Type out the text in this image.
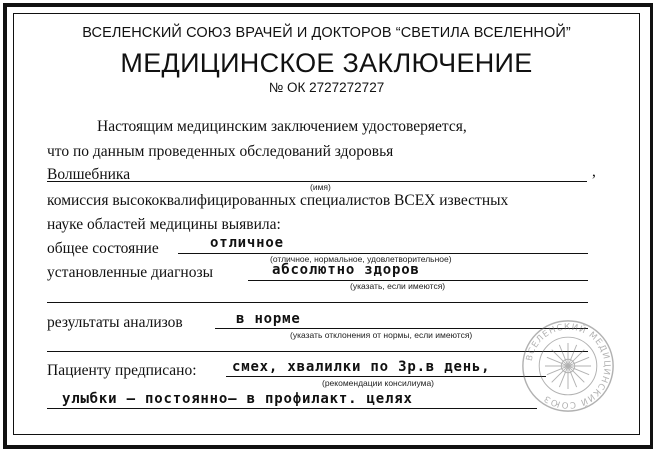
ВСЕЛЕНСКИЙ СОЮЗ ВРАЧЕЙ И ДОКТОРОВ “СВЕТИЛА ВСЕЛЕННОЙ”
МЕДИЦИНСКОЕ ЗАКЛЮЧЕНИЕ
№ ОК 2727272727
Настоящим медицинским заключением удостоверяется,
что по данным проведенных обследований здоровья
Волшебника	,
(имя)
комиссия высококвалифицированных специалистов ВСЕХ известных
науке областей медицины выявила:
общее состояние	отличное
(отличное, нормальное, удовлетворительное)
установленные диагнозы	абсолютно здоров
(указать, если имеются)
результаты анализов	в норме
(указать отклонения от нормы, если имеются)
Пациенту предписано:	смех, хвалилки по 3р.в день,
(рекомендации консилиума)
улыбки — постоянно— в профилакт. целях
ВСЕЛЕНСКИЙ МЕДИЦИНСКИЙ СОЮЗ
